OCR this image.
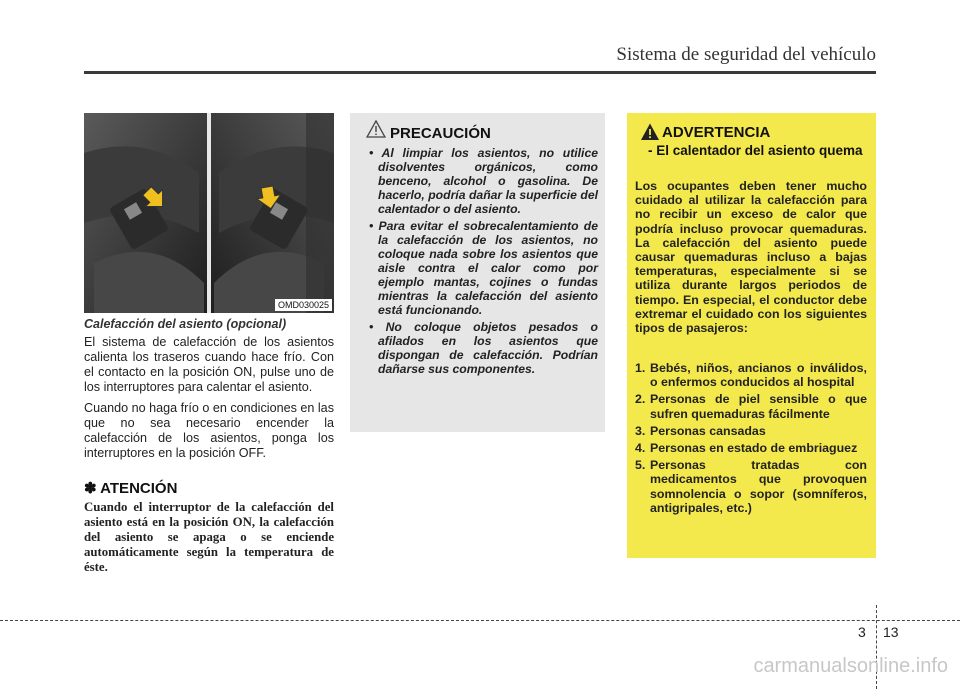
Sistema de seguridad del vehículo
OMD030025

Calefacción del asiento (opcional)

El sistema de calefacción de los asientos calienta los traseros cuando hace frío. Con el contacto en la posición ON, pulse uno de los interruptores para calentar el asiento.

Cuando no haga frío o en condiciones en las que no sea necesario encender la calefacción de los asientos, ponga los interruptores en la posición OFF.

✽ ATENCIÓN

Cuando el interruptor de la calefacción del asiento está en la posición ON, la calefacción del asiento se apaga o se enciende automáticamente según la temperatura de éste.

PRECAUCIÓN
• Al limpiar los asientos, no utilice disolventes orgánicos, como benceno, alcohol o gasolina. De hacerlo, podría dañar la superficie del calentador o del asiento.
• Para evitar el sobrecalentamiento de la calefacción de los asientos, no coloque nada sobre los asientos que aisle contra el calor como por ejemplo mantas, cojines o fundas mientras la calefacción del asiento está funcionando.
• No coloque objetos pesados o afilados en los asientos que dispongan de calefacción. Podrían dañarse sus componentes.
ADVERTENCIA
- El calentador del asiento quema

Los ocupantes deben tener mucho cuidado al utilizar la calefacción para no recibir un exceso de calor que podría incluso provocar quemaduras. La calefacción del asiento puede causar quemaduras incluso a bajas temperaturas, especialmente si se utiliza durante largos periodos de tiempo. En especial, el conductor debe extremar el cuidado con los siguientes tipos de pasajeros:

1. Bebés, niños, ancianos o inválidos, o enfermos conducidos al hospital
2. Personas de piel sensible o que sufren quemaduras fácilmente
3. Personas cansadas
4. Personas en estado de embriaguez
5. Personas tratadas con medicamentos que provoquen somnolencia o sopor (somníferos, antigripales, etc.)
3 13
carmanualsonline.info
